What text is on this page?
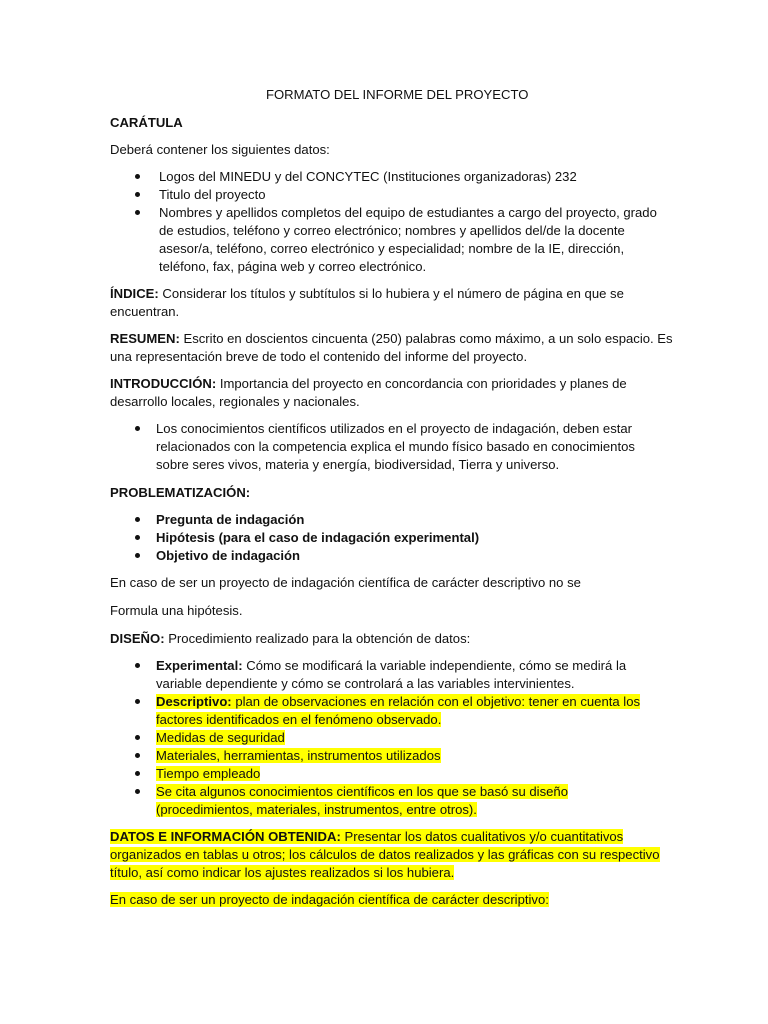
FORMATO DEL INFORME DEL PROYECTO
CARÁTULA
Deberá contener los siguientes datos:
Logos del MINEDU y del CONCYTEC (Instituciones organizadoras) 232
Titulo del proyecto
Nombres y apellidos completos del equipo de estudiantes a cargo del proyecto, grado
de estudios, teléfono y correo electrónico; nombres y apellidos del/de la docente
asesor/a, teléfono, correo electrónico y especialidad; nombre de la IE, dirección,
teléfono, fax, página web y correo electrónico.
ÍNDICE: Considerar los títulos y subtítulos si lo hubiera y el número de página en que se
encuentran.
RESUMEN: Escrito en doscientos cincuenta (250) palabras como máximo, a un solo espacio. Es
una representación breve de todo el contenido del informe del proyecto.
INTRODUCCIÓN: Importancia del proyecto en concordancia con prioridades y planes de
desarrollo locales, regionales y nacionales.
Los conocimientos científicos utilizados en el proyecto de indagación, deben estar
relacionados con la competencia explica el mundo físico basado en conocimientos
sobre seres vivos, materia y energía, biodiversidad, Tierra y universo.
PROBLEMATIZACIÓN:
Pregunta de indagación
Hipótesis (para el caso de indagación experimental)
Objetivo de indagación
En caso de ser un proyecto de indagación científica de carácter descriptivo no se
Formula una hipótesis.
DISEÑO: Procedimiento realizado para la obtención de datos:
Experimental: Cómo se modificará la variable independiente, cómo se medirá la
variable dependiente y cómo se controlará a las variables intervinientes.
Descriptivo: plan de observaciones en relación con el objetivo: tener en cuenta los
factores identificados en el fenómeno observado.
Medidas de seguridad
Materiales, herramientas, instrumentos utilizados
Tiempo empleado
Se cita algunos conocimientos científicos en los que se basó su diseño
(procedimientos, materiales, instrumentos, entre otros).
DATOS E INFORMACIÓN OBTENIDA: Presentar los datos cualitativos y/o cuantitativos
organizados en tablas u otros; los cálculos de datos realizados y las gráficas con su respectivo
título, así como indicar los ajustes realizados si los hubiera.
En caso de ser un proyecto de indagación científica de carácter descriptivo:
